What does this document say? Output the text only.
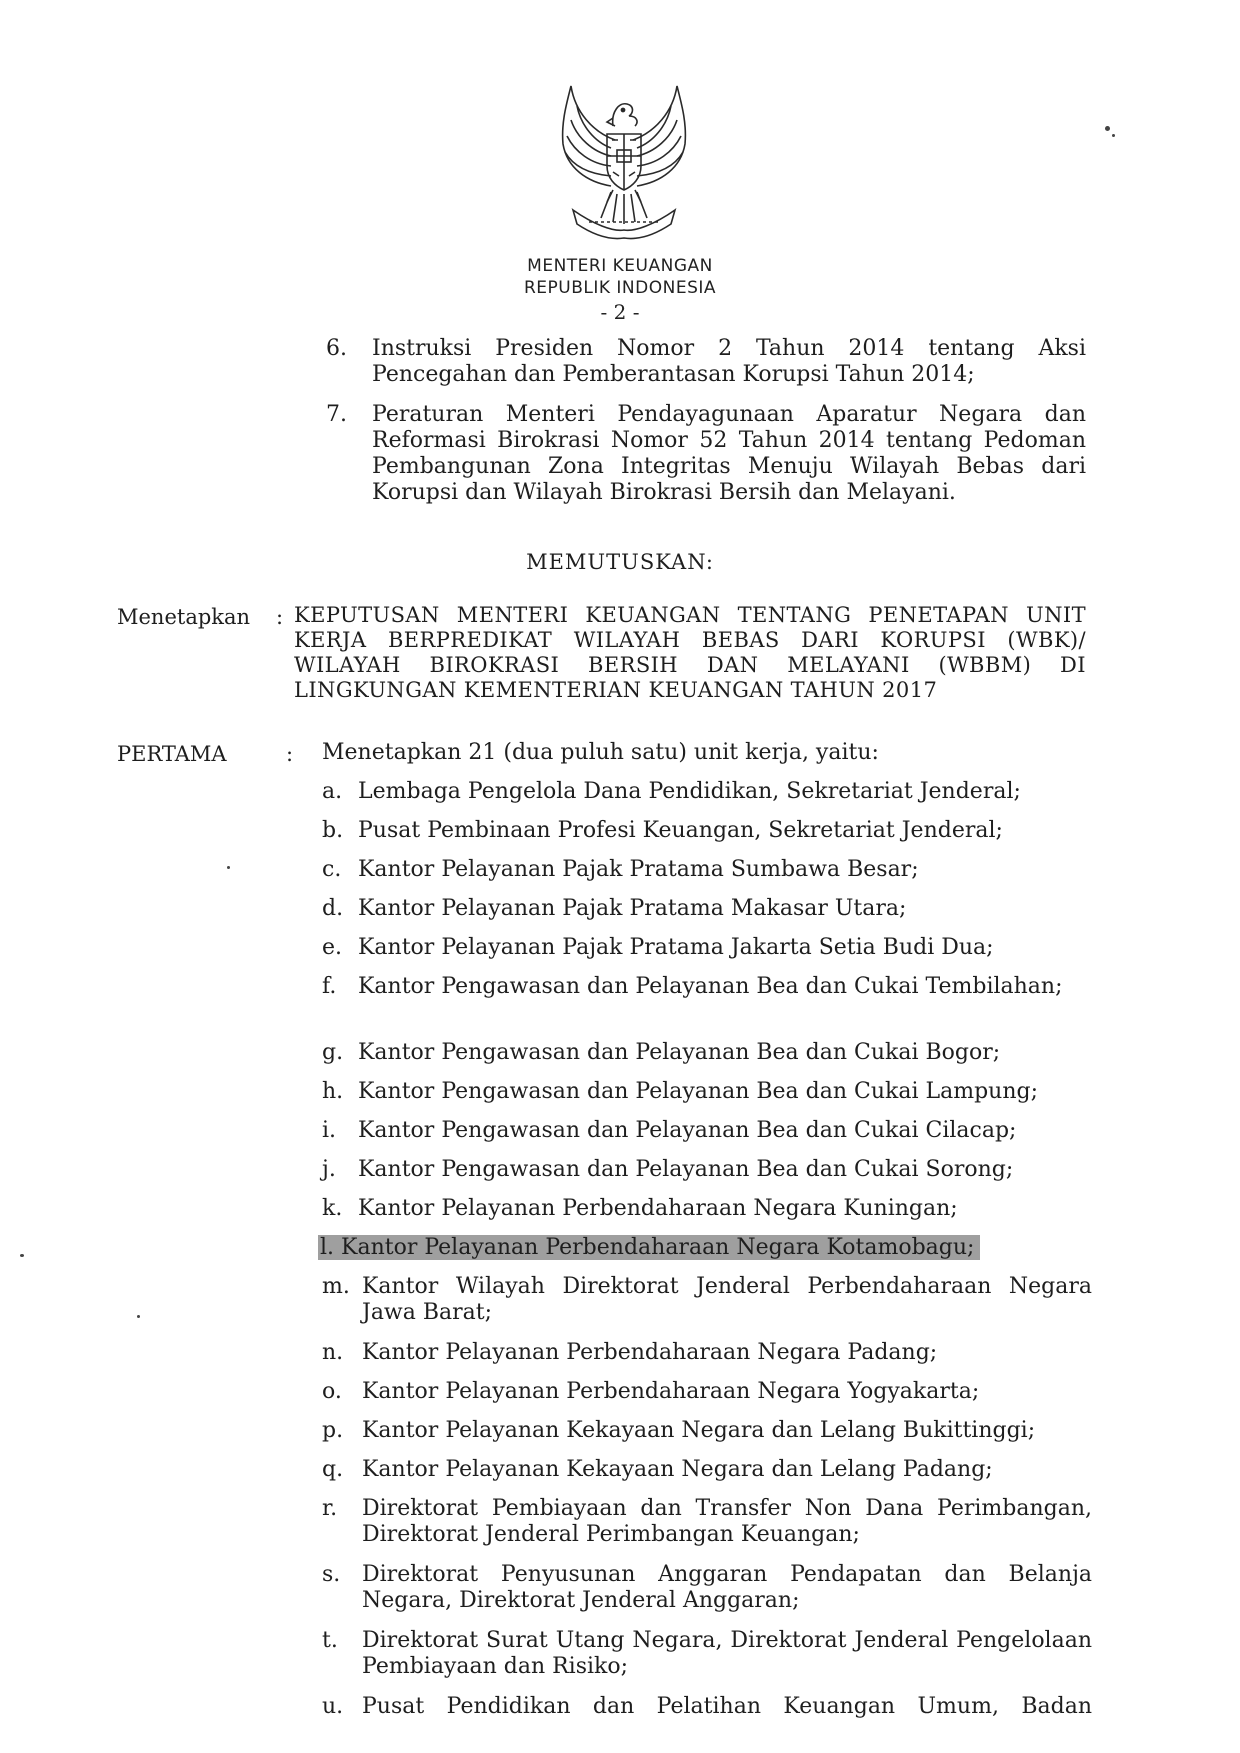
MENTERI KEUANGAN
REPUBLIK INDONESIA
- 2 -
6. Instruksi Presiden Nomor 2 Tahun 2014 tentang Aksi Pencegahan dan Pemberantasan Korupsi Tahun 2014;
7. Peraturan Menteri Pendayagunaan Aparatur Negara dan Reformasi Birokrasi Nomor 52 Tahun 2014 tentang Pedoman Pembangunan Zona Integritas Menuju Wilayah Bebas dari Korupsi dan Wilayah Birokrasi Bersih dan Melayani.
MEMUTUSKAN:
Menetapkan : KEPUTUSAN MENTERI KEUANGAN TENTANG PENETAPAN UNIT KERJA BERPREDIKAT WILAYAH BEBAS DARI KORUPSI (WBK)/ WILAYAH BIROKRASI BERSIH DAN MELAYANI (WBBM) DI LINGKUNGAN KEMENTERIAN KEUANGAN TAHUN 2017
PERTAMA	: Menetapkan 21 (dua puluh satu) unit kerja, yaitu:
a. Lembaga Pengelola Dana Pendidikan, Sekretariat Jenderal;
b. Pusat Pembinaan Profesi Keuangan, Sekretariat Jenderal;
c. Kantor Pelayanan Pajak Pratama Sumbawa Besar;
d. Kantor Pelayanan Pajak Pratama Makasar Utara;
e. Kantor Pelayanan Pajak Pratama Jakarta Setia Budi Dua;
f. Kantor Pengawasan dan Pelayanan Bea dan Cukai Tembilahan;
g. Kantor Pengawasan dan Pelayanan Bea dan Cukai Bogor;
h. Kantor Pengawasan dan Pelayanan Bea dan Cukai Lampung;
i. Kantor Pengawasan dan Pelayanan Bea dan Cukai Cilacap;
j. Kantor Pengawasan dan Pelayanan Bea dan Cukai Sorong;
k. Kantor Pelayanan Perbendaharaan Negara Kuningan;
l. Kantor Pelayanan Perbendaharaan Negara Kotamobagu;
m. Kantor Wilayah Direktorat Jenderal Perbendaharaan Negara Jawa Barat;
n. Kantor Pelayanan Perbendaharaan Negara Padang;
o. Kantor Pelayanan Perbendaharaan Negara Yogyakarta;
p. Kantor Pelayanan Kekayaan Negara dan Lelang Bukittinggi;
q. Kantor Pelayanan Kekayaan Negara dan Lelang Padang;
r. Direktorat Pembiayaan dan Transfer Non Dana Perimbangan, Direktorat Jenderal Perimbangan Keuangan;
s. Direktorat Penyusunan Anggaran Pendapatan dan Belanja Negara, Direktorat Jenderal Anggaran;
t. Direktorat Surat Utang Negara, Direktorat Jenderal Pengelolaan Pembiayaan dan Risiko;
u. Pusat Pendidikan dan Pelatihan Keuangan Umum, Badan
